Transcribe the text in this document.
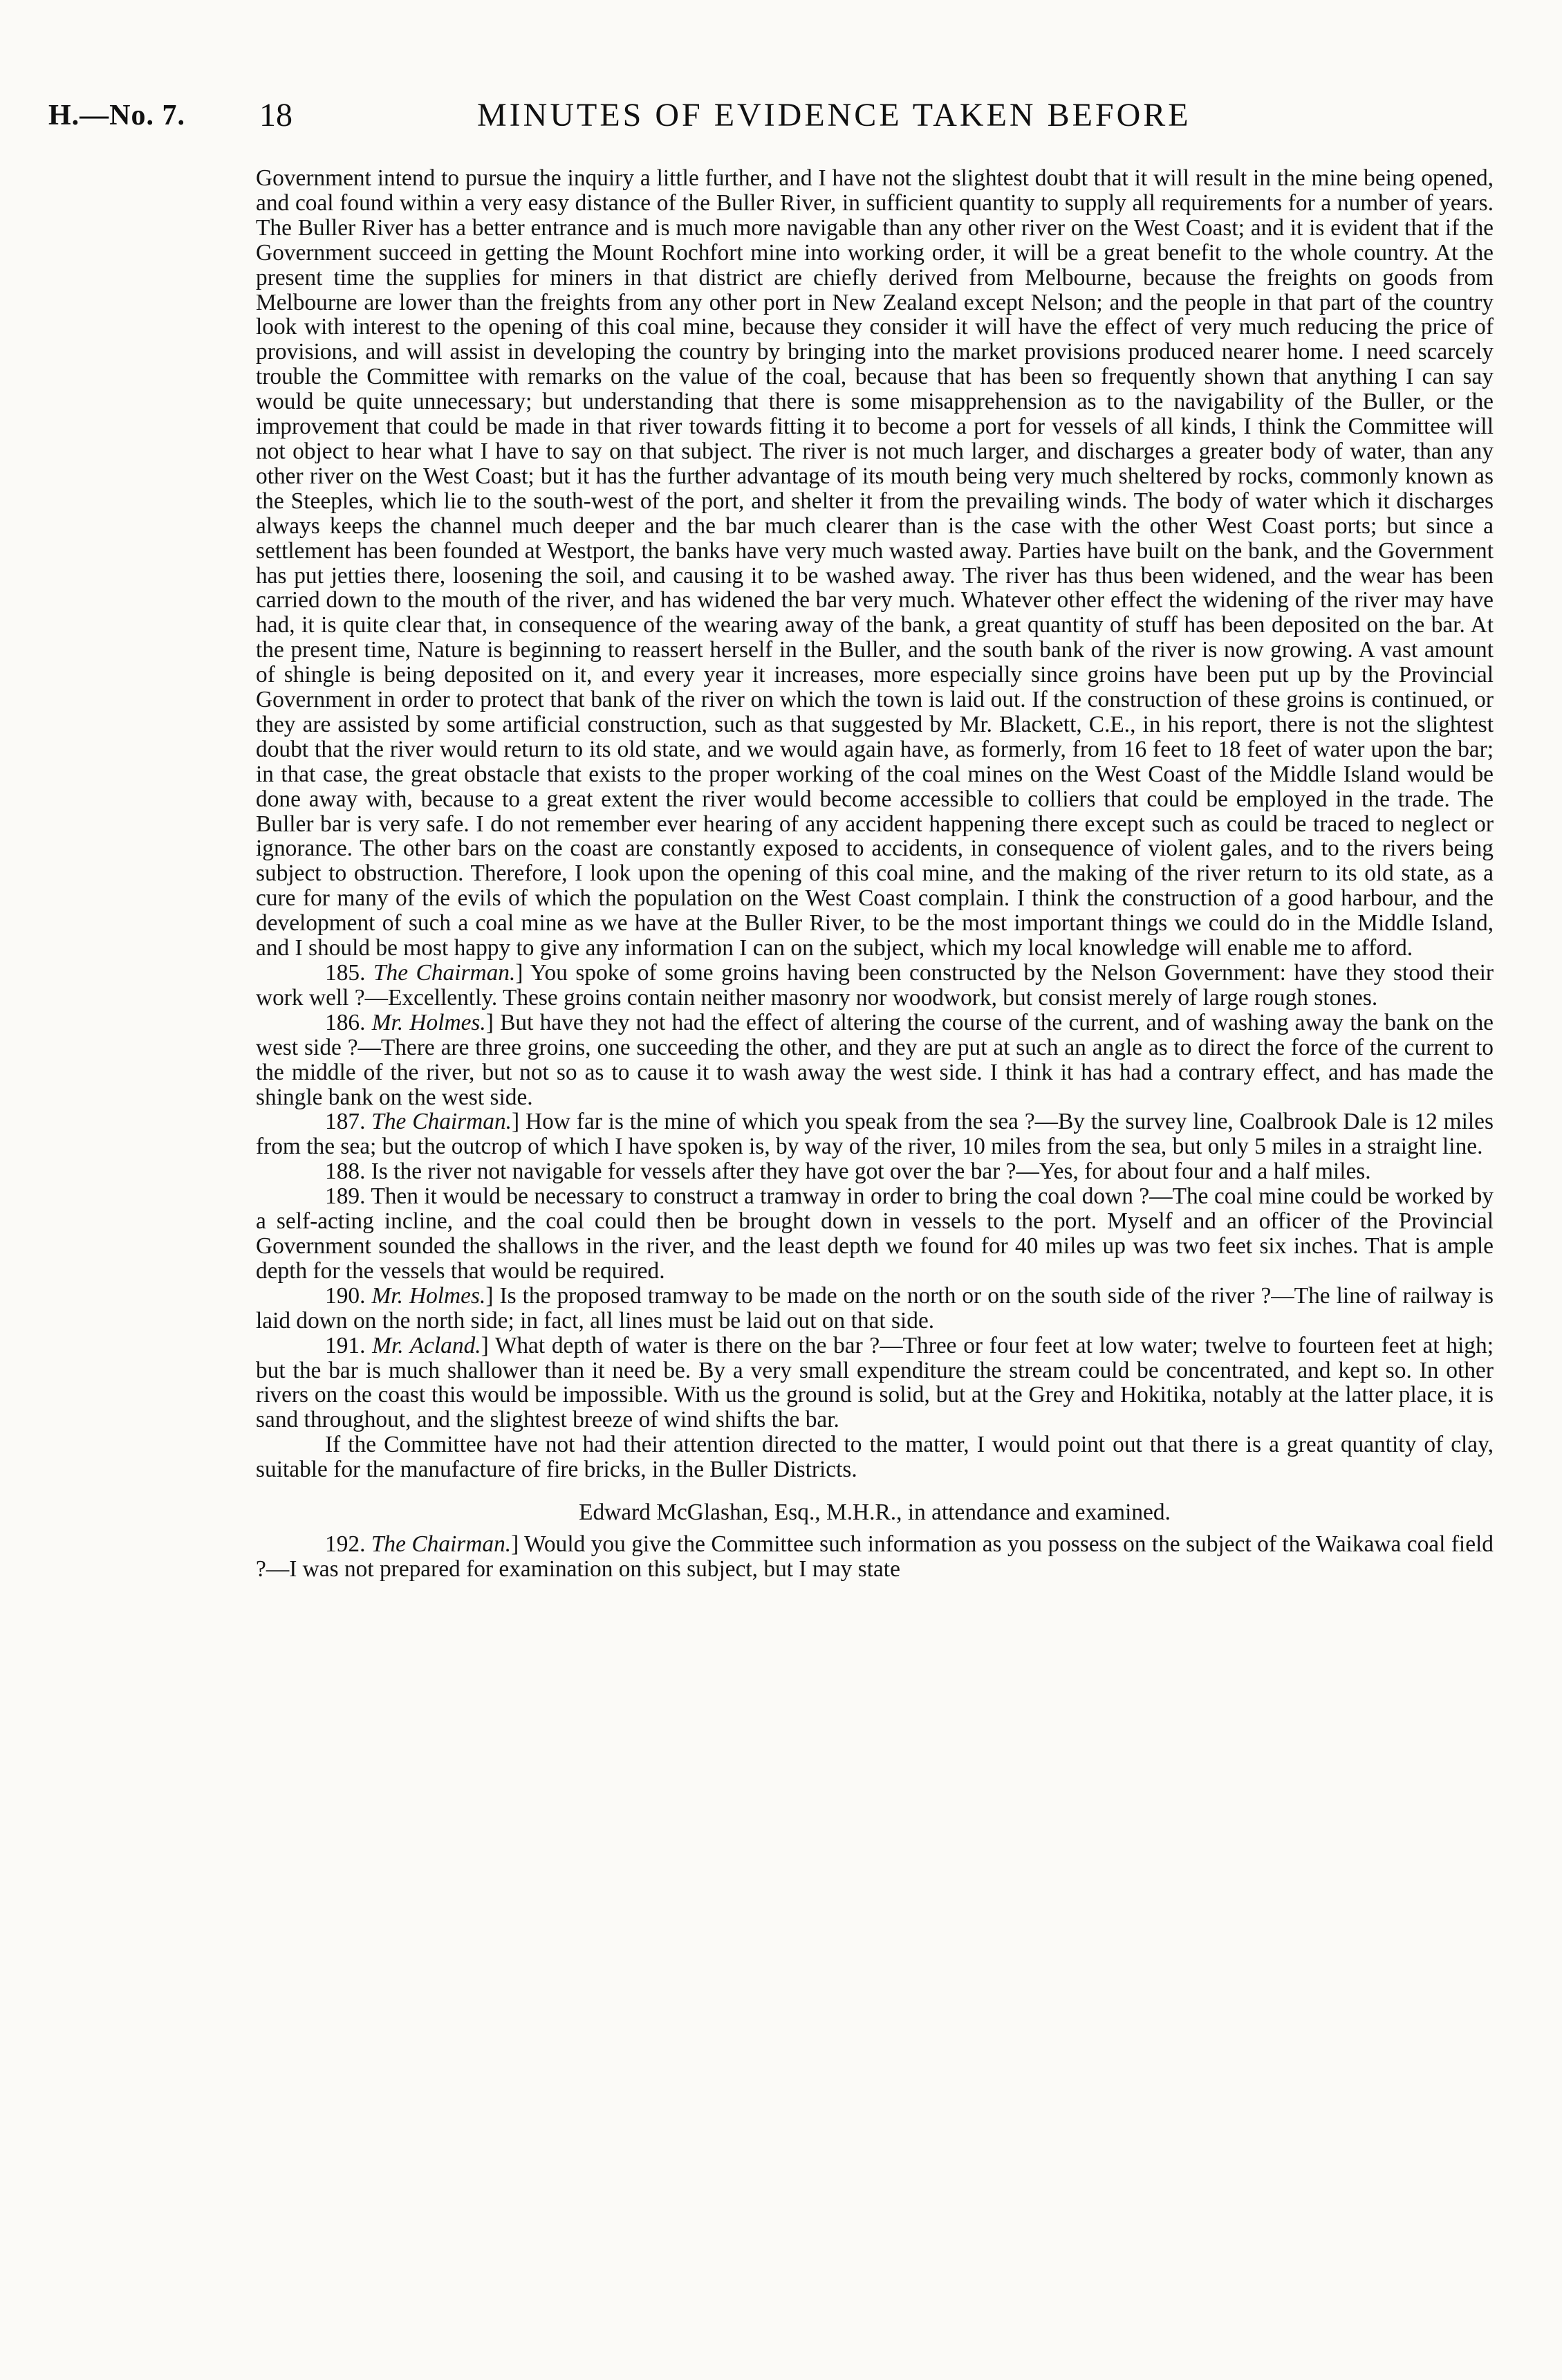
H.—No. 7. 18	MINUTES OF EVIDENCE TAKEN BEFORE

Government intend to pursue the inquiry a little further, and I have not the slightest doubt that it will result in the mine being opened, and coal found within a very easy distance of the Buller River, in sufficient quantity to supply all requirements for a number of years. The Buller River has a better entrance and is much more navigable than any other river on the West Coast; and it is evident that if the Government succeed in getting the Mount Rochfort mine into working order, it will be a great benefit to the whole country. At the present time the supplies for miners in that district are chiefly derived from Melbourne, because the freights on goods from Melbourne are lower than the freights from any other port in New Zealand except Nelson; and the people in that part of the country look with interest to the opening of this coal mine, because they consider it will have the effect of very much reducing the price of provisions, and will assist in developing the country by bringing into the market provisions produced nearer home. I need scarcely trouble the Committee with remarks on the value of the coal, because that has been so frequently shown that anything I can say would be quite unnecessary; but understanding that there is some misapprehension as to the navigability of the Buller, or the improvement that could be made in that river towards fitting it to become a port for vessels of all kinds, I think the Committee will not object to hear what I have to say on that subject. The river is not much larger, and discharges a greater body of water, than any other river on the West Coast; but it has the further advantage of its mouth being very much sheltered by rocks, commonly known as the Steeples, which lie to the south-west of the port, and shelter it from the prevailing winds. The body of water which it discharges always keeps the channel much deeper and the bar much clearer than is the case with the other West Coast ports; but since a settlement has been founded at Westport, the banks have very much wasted away. Parties have built on the bank, and the Government has put jetties there, loosening the soil, and causing it to be washed away. The river has thus been widened, and the wear has been carried down to the mouth of the river, and has widened the bar very much. Whatever other effect the widening of the river may have had, it is quite clear that, in consequence of the wearing away of the bank, a great quantity of stuff has been deposited on the bar. At the present time, Nature is beginning to reassert herself in the Buller, and the south bank of the river is now growing. A vast amount of shingle is being deposited on it, and every year it increases, more especially since groins have been put up by the Provincial Government in order to protect that bank of the river on which the town is laid out. If the construction of these groins is continued, or they are assisted by some artificial construction, such as that suggested by Mr. Blackett, C.E., in his report, there is not the slightest doubt that the river would return to its old state, and we would again have, as formerly, from 16 feet to 18 feet of water upon the bar; in that case, the great obstacle that exists to the proper working of the coal mines on the West Coast of the Middle Island would be done away with, because to a great extent the river would become accessible to colliers that could be employed in the trade. The Buller bar is very safe. I do not remember ever hearing of any accident happening there except such as could be traced to neglect or ignorance. The other bars on the coast are constantly exposed to accidents, in consequence of violent gales, and to the rivers being subject to obstruction. Therefore, I look upon the opening of this coal mine, and the making of the river return to its old state, as a cure for many of the evils of which the population on the West Coast complain. I think the construction of a good harbour, and the development of such a coal mine as we have at the Buller River, to be the most important things we could do in the Middle Island, and I should be most happy to give any information I can on the subject, which my local knowledge will enable me to afford.

185. The Chairman.] You spoke of some groins having been constructed by the Nelson Government: have they stood their work well ?—Excellently. These groins contain neither masonry nor woodwork, but consist merely of large rough stones.

186. Mr. Holmes.] But have they not had the effect of altering the course of the current, and of washing away the bank on the west side ?—There are three groins, one succeeding the other, and they are put at such an angle as to direct the force of the current to the middle of the river, but not so as to cause it to wash away the west side. I think it has had a contrary effect, and has made the shingle bank on the west side.

187. The Chairman.] How far is the mine of which you speak from the sea ?—By the survey line, Coalbrook Dale is 12 miles from the sea; but the outcrop of which I have spoken is, by way of the river, 10 miles from the sea, but only 5 miles in a straight line.

188. Is the river not navigable for vessels after they have got over the bar ?—Yes, for about four and a half miles.

189. Then it would be necessary to construct a tramway in order to bring the coal down ?—The coal mine could be worked by a self-acting incline, and the coal could then be brought down in vessels to the port. Myself and an officer of the Provincial Government sounded the shallows in the river, and the least depth we found for 40 miles up was two feet six inches. That is ample depth for the vessels that would be required.

190. Mr. Holmes.] Is the proposed tramway to be made on the north or on the south side of the river ?—The line of railway is laid down on the north side; in fact, all lines must be laid out on that side.

191. Mr. Acland.] What depth of water is there on the bar ?—Three or four feet at low water; twelve to fourteen feet at high; but the bar is much shallower than it need be. By a very small expenditure the stream could be concentrated, and kept so. In other rivers on the coast this would be impossible. With us the ground is solid, but at the Grey and Hokitika, notably at the latter place, it is sand throughout, and the slightest breeze of wind shifts the bar.

If the Committee have not had their attention directed to the matter, I would point out that there is a great quantity of clay, suitable for the manufacture of fire bricks, in the Buller Districts.

Edward McGlashan, Esq., M.H.R., in attendance and examined.

192. The Chairman.] Would you give the Committee such information as you possess on the subject of the Waikawa coal field ?—I was not prepared for examination on this subject, but I may state
